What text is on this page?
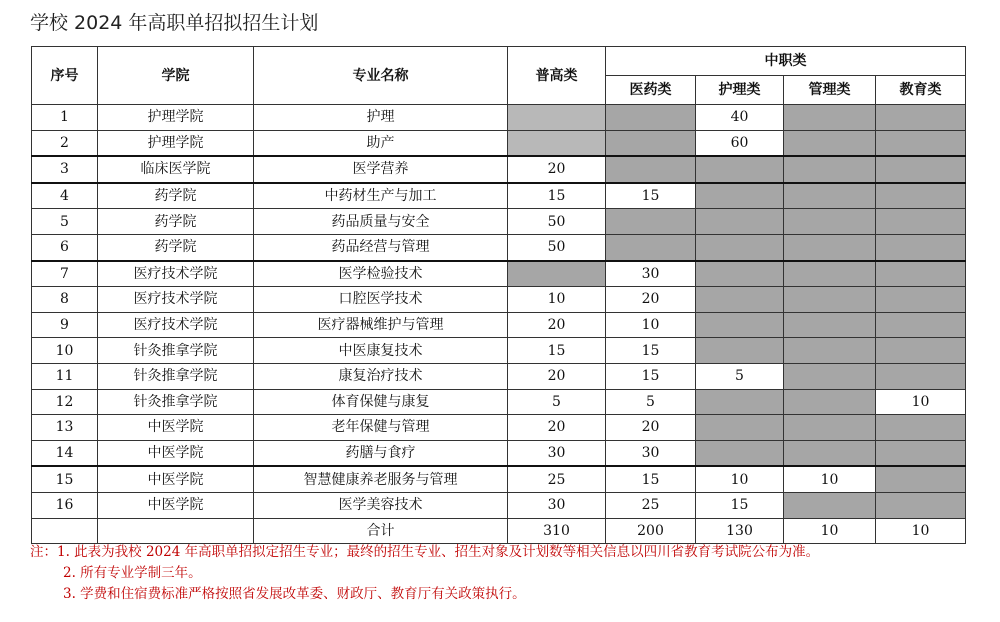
学校 2024 年高职单招拟招生计划
序号	学院	专业名称	普高类	中职类			
				医药类	护理类	管理类	教育类
1	护理学院	护理			40		
2	护理学院	助产			60		
3	临床医学院	医学营养	20				
4	药学院	中药材生产与加工	15	15			
5	药学院	药品质量与安全	50				
6	药学院	药品经营与管理	50				
7	医疗技术学院	医学检验技术		30			
8	医疗技术学院	口腔医学技术	10	20			
9	医疗技术学院	医疗器械维护与管理	20	10			
10	针灸推拿学院	中医康复技术	15	15			
11	针灸推拿学院	康复治疗技术	20	15	5		
12	针灸推拿学院	体育保健与康复	5	5			10
13	中医学院	老年保健与管理	20	20			
14	中医学院	药膳与食疗	30	30			
15	中医学院	智慧健康养老服务与管理	25	15	10	10	
16	中医学院	医学美容技术	30	25	15		
		合计	310	200	130	10	10
注：1. 此表为我校 2024 年高职单招拟定招生专业；最终的招生专业、招生对象及计划数等相关信息以四川省教育考试院公布为准。
2. 所有专业学制三年。
3. 学费和住宿费标准严格按照省发展改革委、财政厅、教育厅有关政策执行。
